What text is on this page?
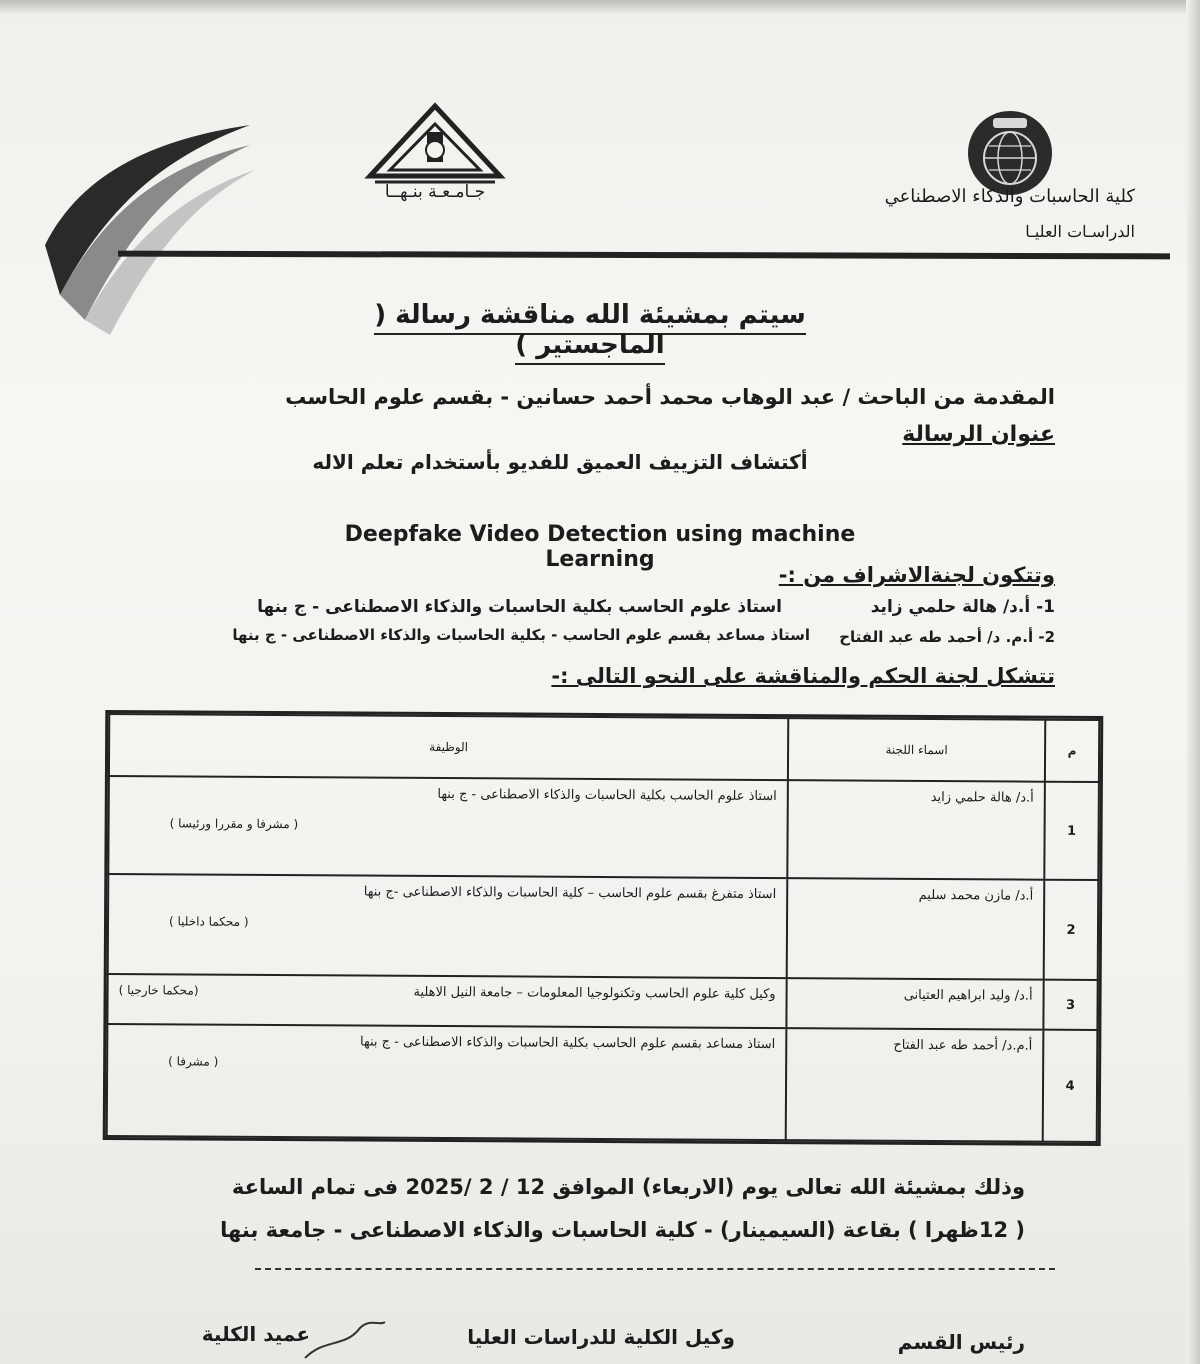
جـامـعـة بنـهــا	كلية الحاسبات والذكاء الاصطناعي
الدراسـات العليـا
سيتم بمشيئة الله مناقشة رسالة ( الماجستير )
المقدمة من الباحث / عبد الوهاب محمد أحمد حسانين - بقسم علوم الحاسب
عنوان الرسالة
أكتشاف التزييف العميق للفديو بأستخدام تعلم الاله
Deepfake Video Detection using machine Learning
وتتكون لجنةالاشراف من :-
1- أ.د/ هالة حلمي زايد
استاذ علوم الحاسب بكلية الحاسبات والذكاء الاصطناعى - ج بنها
2- أ.م. د/ أحمد طه عبد الفتاح
استاذ مساعد بقسم علوم الحاسب - بكلية الحاسبات والذكاء الاصطناعى - ج بنها
تتشكل لجنة الحكم والمناقشة على النحو التالى :-
م	اسماء اللجنة	الوظيفة
1	أ.د/ هالة حلمي زايد	استاذ علوم الحاسب بكلية الحاسبات والذكاء الاصطناعى - ج بنها
( مشرفا و مقررا ورئيسا )

2	أ.د/ مازن محمد سليم	استاذ متفرغ بقسم علوم الحاسب – كلية الحاسبات والذكاء الاصطناعى -ج بنها
( محكما داخليا )

3	أ.د/ وليد ابراهيم العتيانى	وكيل كلية علوم الحاسب وتكنولوجيا المعلومات – جامعة النيل الاهلية
(محكما خارجيا )

4	أ.م.د/ أحمد طه عبد الفتاح	استاذ مساعد بقسم علوم الحاسب بكلية الحاسبات والذكاء الاصطناعى - ج بنها
( مشرفا )
وذلك بمشيئة الله تعالى يوم (الاربعاء) الموافق 12 / 2 /2025 فى تمام الساعة
( 12ظهرا ) بقاعة (السيمينار) - كلية الحاسبات والذكاء الاصطناعى - جامعة بنها
رئيس القسم
وكيل الكلية للدراسات العليا
عميد الكلية
